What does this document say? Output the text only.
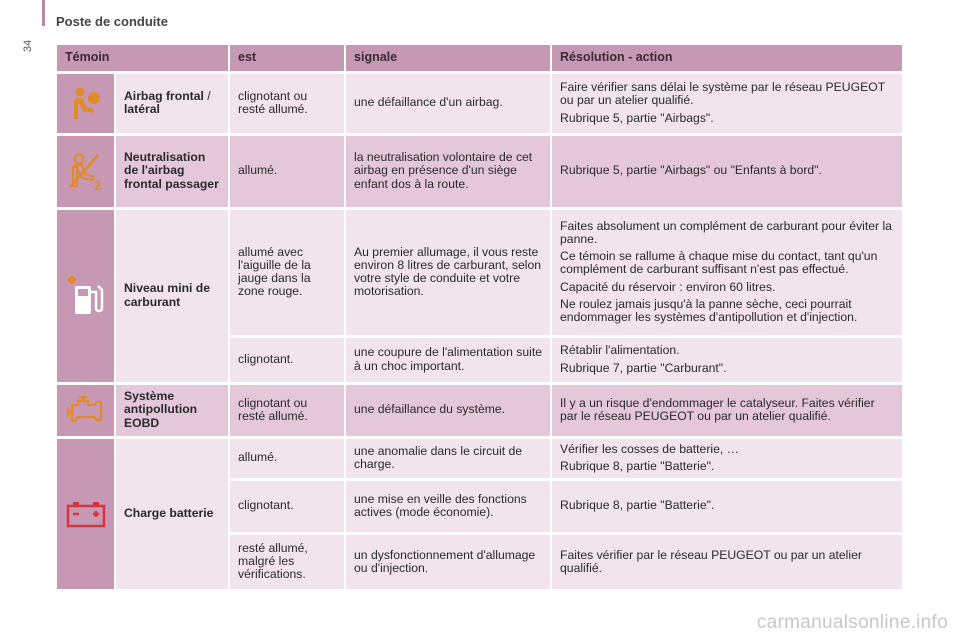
34
Poste de conduite
Témoin		est	signale	Résolution - action

	Airbag frontal / latéral	clignotant ou resté allumé.	une défaillance d'un airbag.	Faire vérifier sans délai le système par le réseau PEUGEOT ou par un atelier qualifié.

Rubrique 5, partie "Airbags".

2	Neutralisation de l'airbag frontal passager	allumé.	la neutralisation volontaire de cet airbag en présence d'un siège enfant dos à la route.	Rubrique 5, partie "Airbags" ou "Enfants à bord".

	Niveau mini de carburant	allumé avec l'aiguille de la jauge dans la zone rouge.	Au premier allumage, il vous reste environ 8 litres de carburant, selon votre style de conduite et votre motorisation.	Faites absolument un complément de carburant pour éviter la panne.

Ce témoin se rallume à chaque mise du contact, tant qu'un complément de carburant suffisant n'est pas effectué.

Capacité du réservoir : environ 60 litres.

Ne roulez jamais jusqu'à la panne sèche, ceci pourrait endommager les systèmes d'antipollution et d'injection.

		clignotant.	une coupure de l'alimentation suite à un choc important.	Rétablir l'alimentation.

Rubrique 7, partie "Carburant".

	Système antipollution EOBD	clignotant ou resté allumé.	une défaillance du système.	Il y a un risque d'endommager le catalyseur. Faites vérifier par le réseau PEUGEOT ou par un atelier qualifié.

	Charge batterie	allumé.	une anomalie dans le circuit de charge.	Vérifier les cosses de batterie, …

Rubrique 8, partie "Batterie".

		clignotant.	une mise en veille des fonctions actives (mode économie).	Rubrique 8, partie "Batterie".
		resté allumé, malgré les vérifications.	un dysfonctionnement d'allumage ou d'injection.	Faites vérifier par le réseau PEUGEOT ou par un atelier qualifié.
carmanualsonline.info
